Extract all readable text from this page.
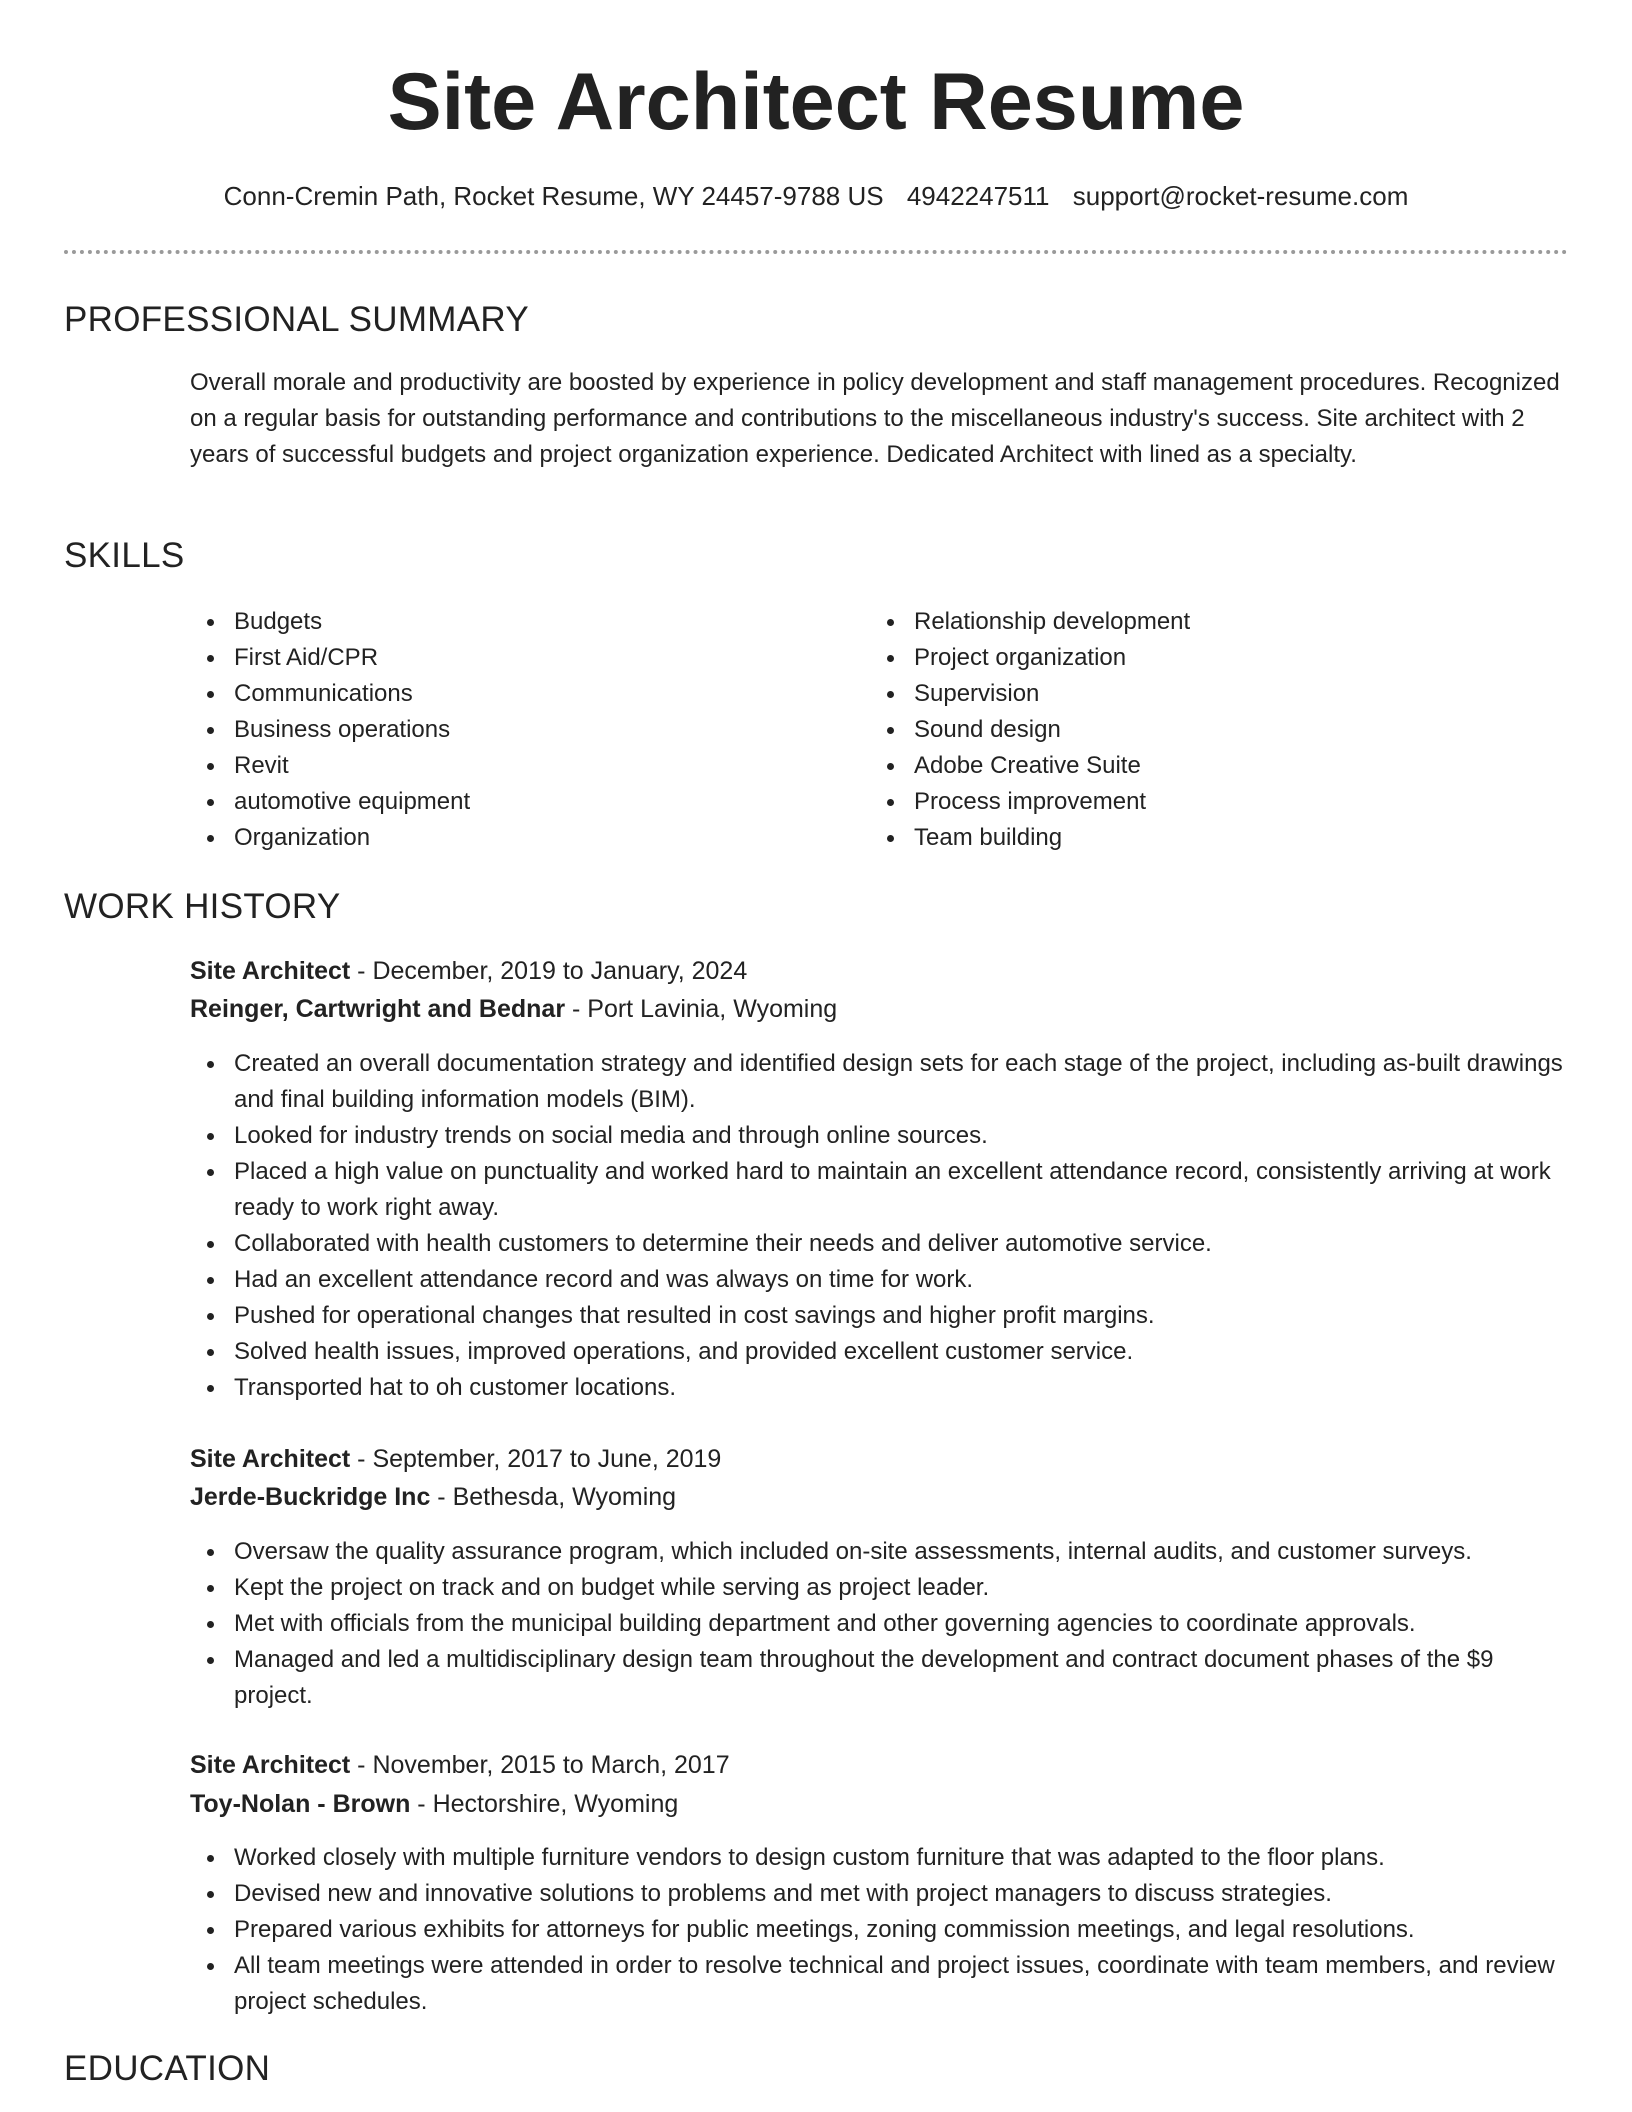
Site Architect Resume
Conn-Cremin Path, Rocket Resume, WY 24457-9788 US 4942247511 support@rocket-resume.com
PROFESSIONAL SUMMARY

Overall morale and productivity are boosted by experience in policy development and staff management procedures. Recognized on a regular basis for outstanding performance and contributions to the miscellaneous industry's success. Site architect with 2 years of successful budgets and project organization experience. Dedicated Architect with lined as a specialty.

SKILLS
Budgets
First Aid/CPR
Communications
Business operations
Revit
automotive equipment
Organization
Relationship development
Project organization
Supervision
Sound design
Adobe Creative Suite
Process improvement
Team building
WORK HISTORY
Site Architect - December, 2019 to January, 2024
Reinger, Cartwright and Bednar - Port Lavinia, Wyoming
Created an overall documentation strategy and identified design sets for each stage of the project, including as-built drawings and final building information models (BIM).
Looked for industry trends on social media and through online sources.
Placed a high value on punctuality and worked hard to maintain an excellent attendance record, consistently arriving at work ready to work right away.
Collaborated with health customers to determine their needs and deliver automotive service.
Had an excellent attendance record and was always on time for work.
Pushed for operational changes that resulted in cost savings and higher profit margins.
Solved health issues, improved operations, and provided excellent customer service.
Transported hat to oh customer locations.
Site Architect - September, 2017 to June, 2019
Jerde-Buckridge Inc - Bethesda, Wyoming
Oversaw the quality assurance program, which included on-site assessments, internal audits, and customer surveys.
Kept the project on track and on budget while serving as project leader.
Met with officials from the municipal building department and other governing agencies to coordinate approvals.
Managed and led a multidisciplinary design team throughout the development and contract document phases of the $9 project.
Site Architect - November, 2015 to March, 2017
Toy-Nolan - Brown - Hectorshire, Wyoming
Worked closely with multiple furniture vendors to design custom furniture that was adapted to the floor plans.
Devised new and innovative solutions to problems and met with project managers to discuss strategies.
Prepared various exhibits for attorneys for public meetings, zoning commission meetings, and legal resolutions.
All team meetings were attended in order to resolve technical and project issues, coordinate with team members, and review project schedules.
EDUCATION
